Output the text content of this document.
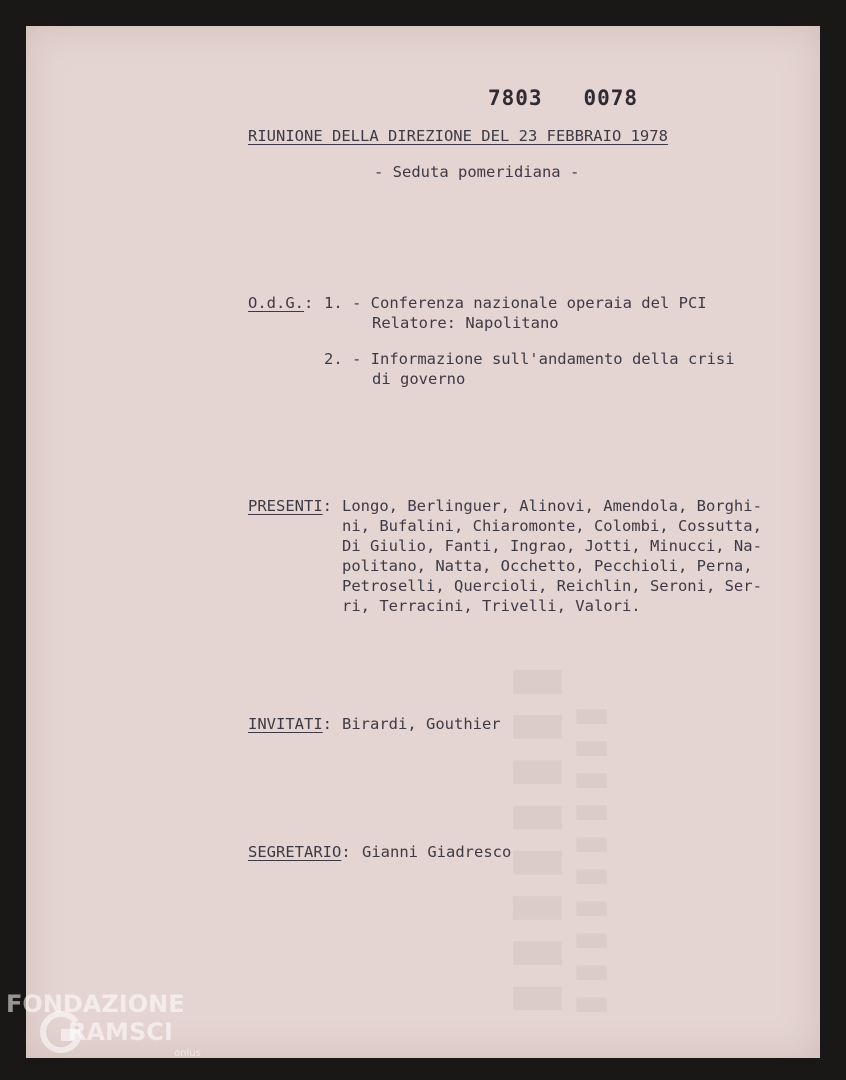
▮▮▮▮▮▮▮▮
▮▮▮▮▮▮▮▮▮▮
7803   0078
RIUNIONE DELLA DIREZIONE DEL 23 FEBBRAIO 1978
- Seduta pomeridiana -
O.d.G.: 1. - Conferenza nazionale operaia del PCI
Relatore: Napolitano
2. - Informazione sull'andamento della crisi
di governo
PRESENTI: Longo, Berlinguer, Alinovi, Amendola, Borghi-
ni, Bufalini, Chiaromonte, Colombi, Cossutta,
Di Giulio, Fanti, Ingrao, Jotti, Minucci, Na-
politano, Natta, Occhetto, Pecchioli, Perna,
Petroselli, Quercioli, Reichlin, Seroni, Ser-
ri, Terracini, Trivelli, Valori.
INVITATI: Birardi, Gouthier
SEGRETARIO: Gianni Giadresco
FONDAZIONE
RAMSCI
onlus
